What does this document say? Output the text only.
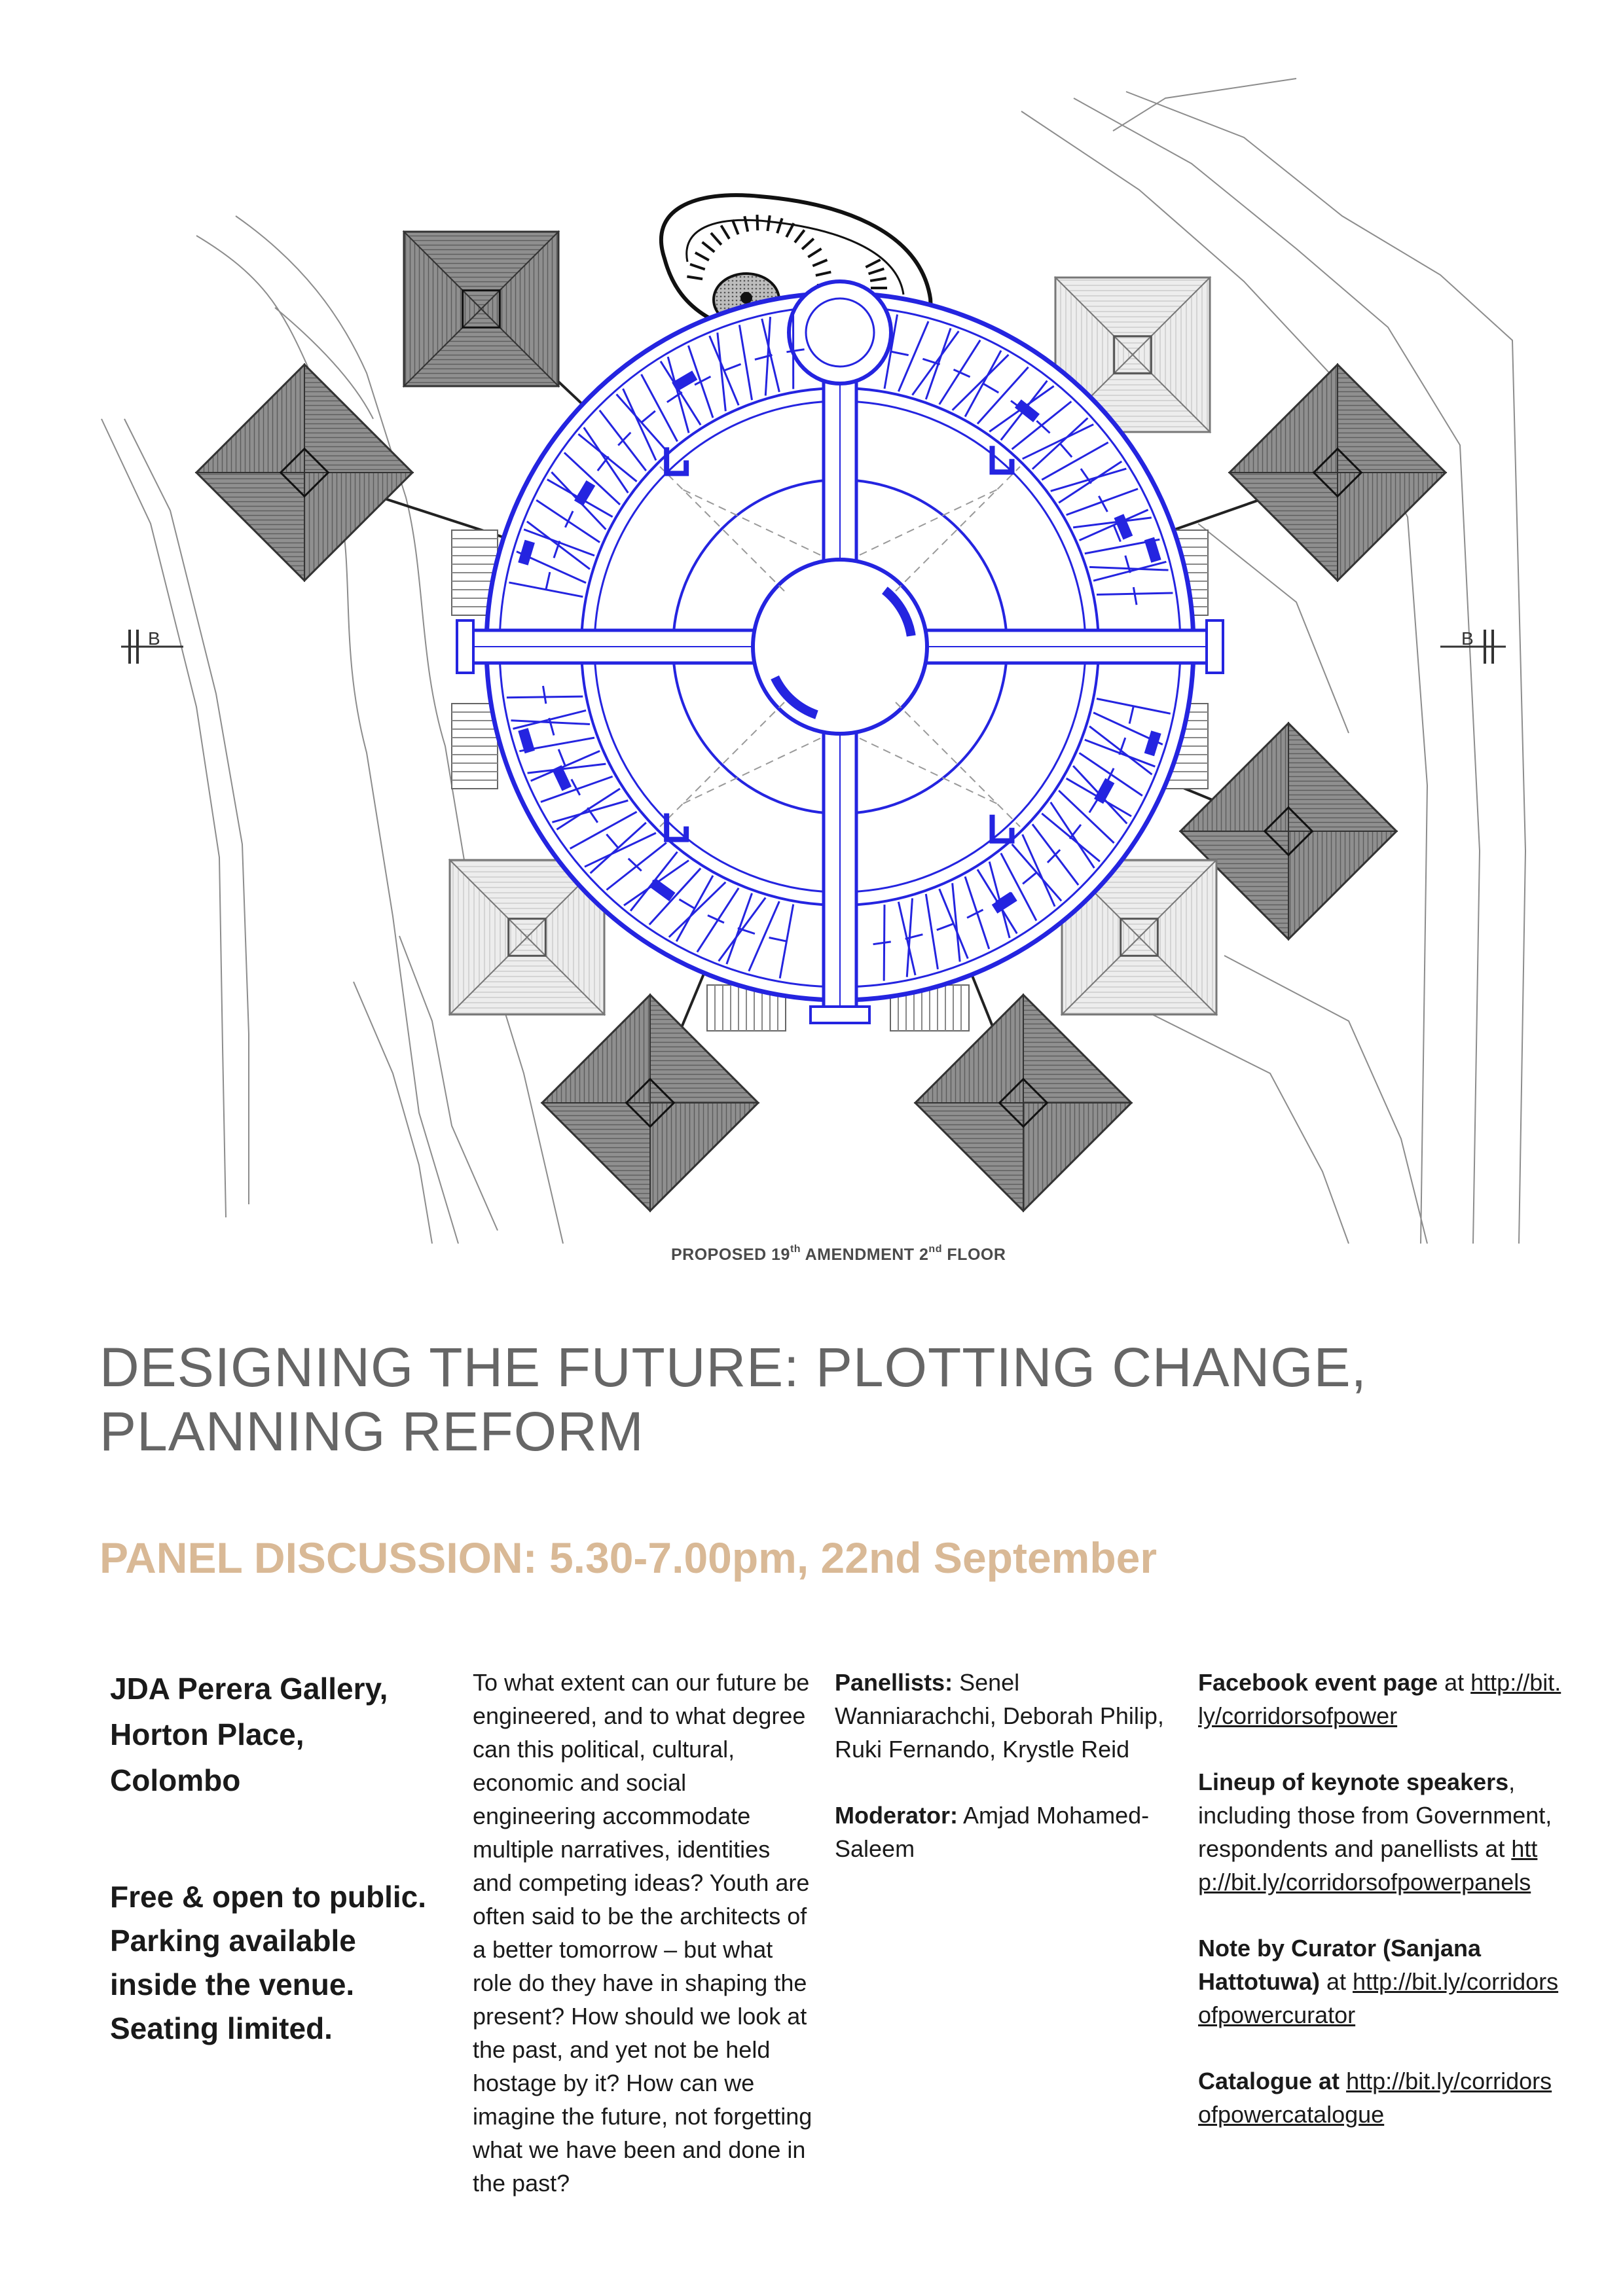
B	B
PROPOSED 19th AMENDMENT 2nd FLOOR
DESIGNING THE FUTURE: PLOTTING CHANGE, PLANNING REFORM
PANEL DISCUSSION: 5.30-7.00pm, 22nd September
JDA Perera Gallery,
Horton Place,
Colombo
Free & open to public. Parking available inside the venue. Seating limited.

To what extent can our future be engineered, and to what degree can this political, cultural, economic and social engineering accommodate multiple narratives, identities and competing ideas? Youth are often said to be the architects of a better tomorrow – but what role do they have in shaping the present? How should we look at the past, and yet not be held hostage by it? How can we imagine the future, not forgetting what we have been and done in the past?

Panellists: Senel Wanniarachchi, Deborah Philip, Ruki Fernando, Krystle Reid

Moderator: Amjad Mohamed-Saleem

Facebook event page at http://bit.ly/corridorsofpower

Lineup of keynote speakers, including those from Government, respondents and panellists at http://bit.ly/corridorsofpowerpanels

Note by Curator (Sanjana Hattotuwa) at http://bit.ly/corridorsofpowercurator

Catalogue at http://bit.ly/corridorsofpowercatalogue
